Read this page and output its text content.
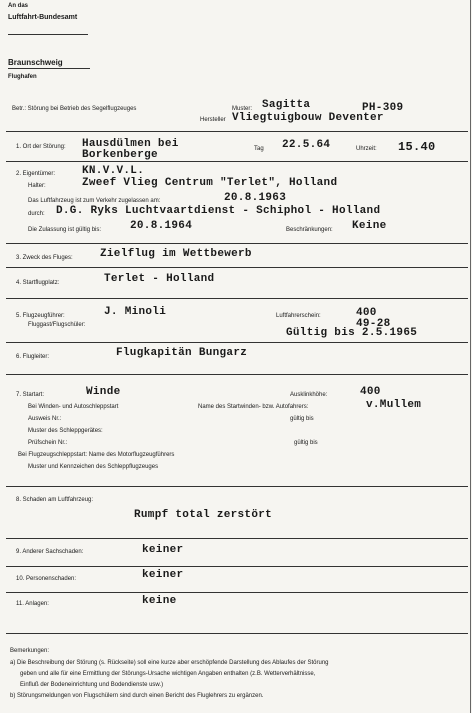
An das
Luftfahrt-Bundesamt
Braunschweig
Flughafen
Betr.: Störung bei Betrieb des Segelflugzeuges	Muster: Sagitta	PH-309
Hersteller Vliegtuigbouw Deventer
1. Ort der Störung: Hausdülmen bei
Borkenberge	Tag 22.5.64	Uhrzeit: 15.40
2. Eigentümer: KN.V.V.L.
Halter:	Zweef Vlieg Centrum "Terlet", Holland
Das Luftfahrzeug ist zum Verkehr zugelassen am:	20.8.1963
durch: D.G. Ryks Luchtvaartdienst - Schiphol - Holland
Die Zulassung ist gültig bis:	20.8.1964	Beschränkungen: Keine
3. Zweck des Fluges: Zielflug im Wettbewerb
4. Startflugplatz:	Terlet - Holland
5. Flugzeugführer:
Fluggast/Flugschüler:
J. Minoli	Luftfahrerschein:	400
49-28
Gültig bis 2.5.1965
6. Flugleiter:	Flugkapitän Bungarz
7. Startart:	Winde	Ausklinkhöhe:	400
Bei Winden- und Autoschleppstart	Name des Startwinden- bzw. Autofahrers:	v.Mullem
Ausweis Nr.:	gültig bis
Muster des Schleppgerätes:
Prüfschein Nr.:	gültig bis
Bei Flugzeugschleppstart: Name des Motorflugzeugführers
Muster und Kennzeichen des Schleppflugzeuges
8. Schaden am Luftfahrzeug:
Rumpf total zerstört
9. Anderer Sachschaden:	keiner
10. Personenschaden:	keiner
11. Anlagen:	keine
Bemerkungen:
a) Die Beschreibung der Störung (s. Rückseite) soll eine kurze aber erschöpfende Darstellung des Ablaufes der Störung
geben und alle für eine Ermittlung der Störungs-Ursache wichtigen Angaben enthalten (z.B. Wetterverhältnisse,
Einfluß der Bodeneinrichtung und Bodendienste usw.)
b) Störungsmeldungen von Flugschülern sind durch einen Bericht des Fluglehrers zu ergänzen.
